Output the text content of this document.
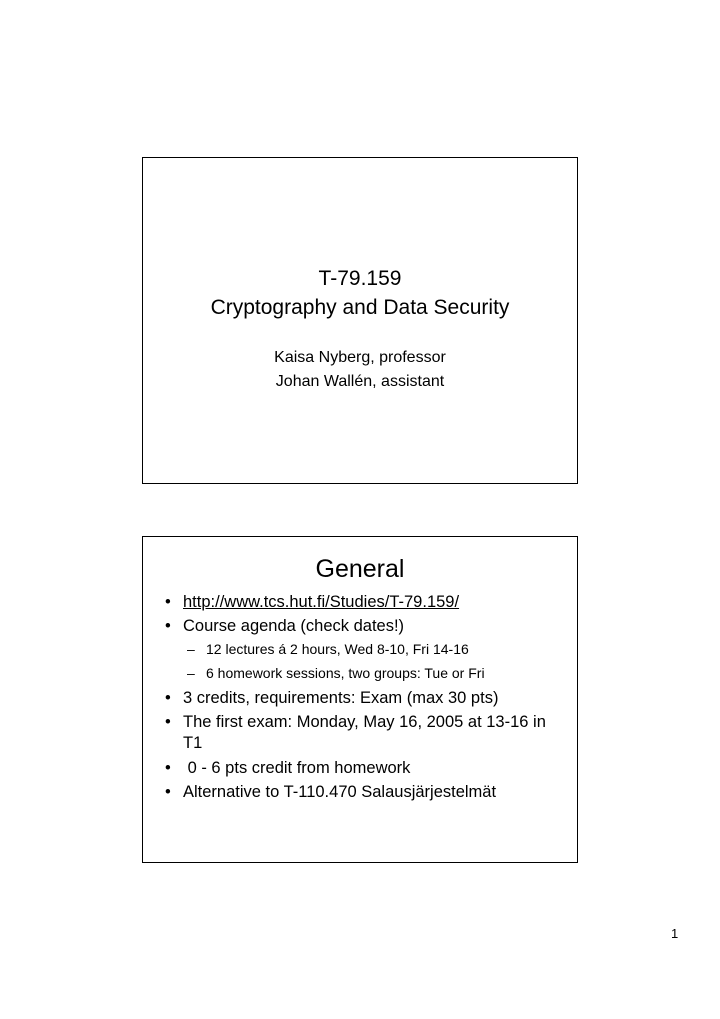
T-79.159
Cryptography and Data Security
Kaisa Nyberg, professor
Johan Wallén, assistant
General
• http://www.tcs.hut.fi/Studies/T-79.159/
• Course agenda (check dates!)
– 12 lectures á 2 hours, Wed 8-10, Fri 14-16
– 6 homework sessions, two groups: Tue or Fri
• 3 credits, requirements: Exam (max 30 pts)
• The first exam: Monday, May 16, 2005 at 13-16 in T1
• 0 - 6 pts credit from homework
• Alternative to T-110.470 Salausjärjestelmät
1
